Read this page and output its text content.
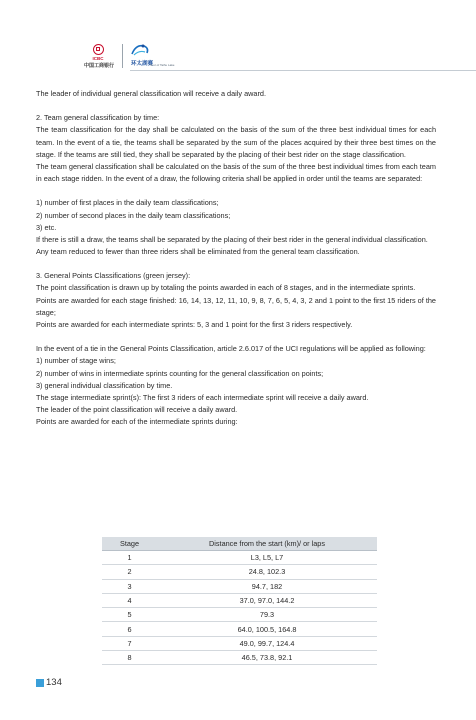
ICBC
中国工商银行	环太湖赛
Tour of Taihu Lake

The leader of individual general classification will receive a daily award.

2. Team general classification by time:

The team classification for the day shall be calculated on the basis of the sum of the three best individual times for each team. In the event of a tie, the teams shall be separated by the sum of the places acquired by their three best times on the stage. If the teams are still tied, they shall be separated by the placing of their best rider on the stage classification.

The team general classification shall be calculated on the basis of the sum of the three best individual times from each team in each stage ridden. In the event of a draw, the following criteria shall be applied in order until the teams are separated:

1) number of first places in the daily team classifications;

2) number of second places in the daily team classifications;

3) etc.

If there is still a draw, the teams shall be separated by the placing of their best rider in the general individual classification.

Any team reduced to fewer than three riders shall be eliminated from the general team classification.

3. General Points Classifications (green jersey):

The point classification is drawn up by totaling the points awarded in each of 8 stages, and in the intermediate sprints.

Points are awarded for each stage finished: 16, 14, 13, 12, 11, 10, 9, 8, 7, 6, 5, 4, 3, 2 and 1 point to the first 15 riders of the stage;

Points are awarded for each intermediate sprints: 5, 3 and 1 point for the first 3 riders respectively.

In the event of a tie in the General Points Classification, article 2.6.017 of the UCI regulations will be applied as following:

1) number of stage wins;

2) number of wins in intermediate sprints counting for the general classification on points;

3) general individual classification by time.

The stage intermediate sprint(s): The first 3 riders of each intermediate sprint will receive a daily award.

The leader of the point classification will receive a daily award.

Points are awarded for each of the intermediate sprints during:

Stage	Distance from the start (km)/ or laps
1	L3, L5, L7
2	24.8, 102.3
3	94.7, 182
4	37.0, 97.0, 144.2
5	79.3
6	64.0, 100.5, 164.8
7	49.0, 99.7, 124.4
8	46.5, 73.8, 92.1
134
